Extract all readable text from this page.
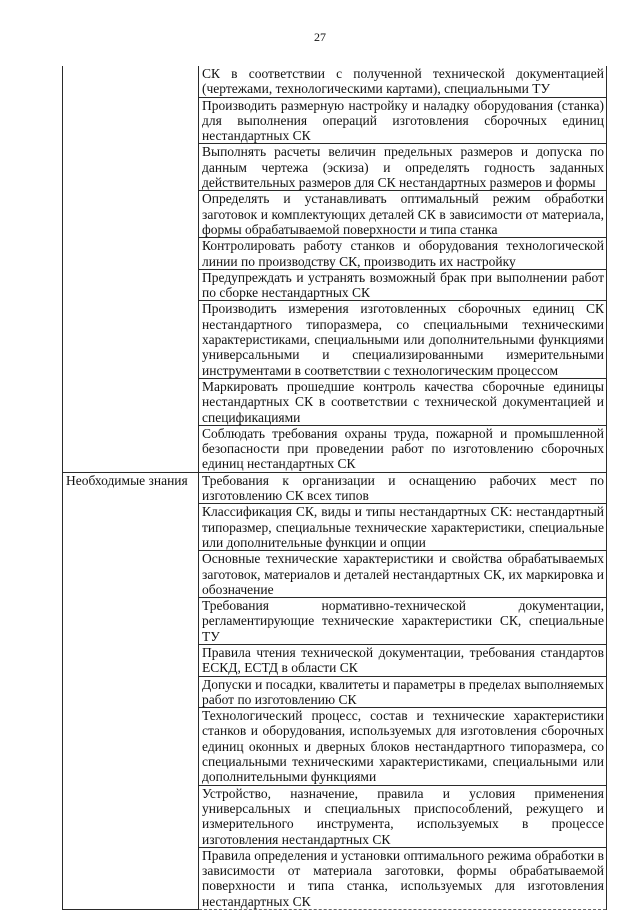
27
	СК в соответствии с полученной технической документацией (чертежами, технологическими картами), специальными ТУ
	Производить размерную настройку и наладку оборудования (станка) для выполнения операций изготовления сборочных единиц нестандартных СК
	Выполнять расчеты величин предельных размеров и допуска по данным чертежа (эскиза) и определять годность заданных действительных размеров для СК нестандартных размеров и формы
	Определять и устанавливать оптимальный режим обработки заготовок и комплектующих деталей СК в зависимости от материала, формы обрабатываемой поверхности и типа станка
	Контролировать работу станков и оборудования технологической линии по производству СК, производить их настройку
	Предупреждать и устранять возможный брак при выполнении работ по сборке нестандартных СК
	Производить измерения изготовленных сборочных единиц СК нестандартного типоразмера, со специальными техническими характеристиками, специальными или дополнительными функциями универсальными и специализированными измерительными инструментами в соответствии с технологическим процессом
	Маркировать прошедшие контроль качества сборочные единицы нестандартных СК в соответствии с технической документацией и спецификациями
	Соблюдать требования охраны труда, пожарной и промышленной безопасности при проведении работ по изготовлению сборочных единиц нестандартных СК
Необходимые знания	Требования к организации и оснащению рабочих мест по изготовлению СК всех типов
	Классификация СК, виды и типы нестандартных СК: нестандартный типоразмер, специальные технические характеристики, специальные или дополнительные функции и опции
	Основные технические характеристики и свойства обрабатываемых заготовок, материалов и деталей нестандартных СК, их маркировка и обозначение
	Требования нормативно-технической документации, регламентирующие технические характеристики СК, специальные ТУ
	Правила чтения технической документации, требования стандартов ЕСКД, ЕСТД в области СК
	Допуски и посадки, квалитеты и параметры в пределах выполняемых работ по изготовлению СК
	Технологический процесс, состав и технические характеристики станков и оборудования, используемых для изготовления сборочных единиц оконных и дверных блоков нестандартного типоразмера, со специальными техническими характеристиками, специальными или дополнительными функциями
	Устройство, назначение, правила и условия применения универсальных и специальных приспособлений, режущего и измерительного инструмента, используемых в процессе изготовления нестандартных СК
	Правила определения и установки оптимального режима обработки в зависимости от материала заготовки, формы обрабатываемой поверхности и типа станка, используемых для изготовления нестандартных СК
